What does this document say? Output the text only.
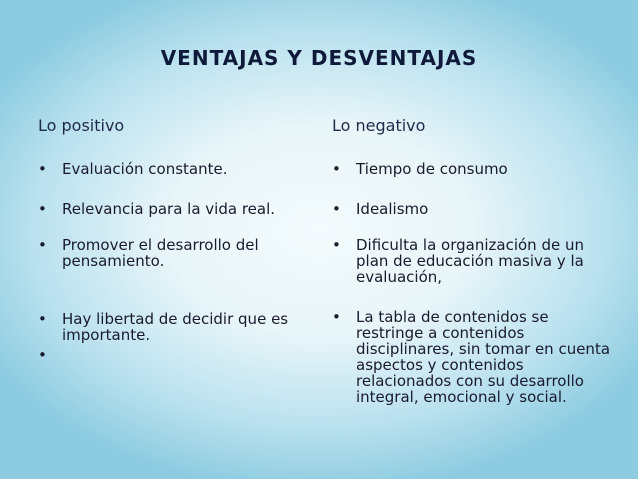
VENTAJAS Y DESVENTAJAS
Lo positivo
• Evaluación constante.
• Relevancia para la vida real.
• Promover el desarrollo del pensamiento.
• Hay libertad de decidir que es importante.
•
Lo negativo
• Tiempo de consumo
• Idealismo
• Dificulta la organización de un plan de educación masiva y la evaluación,
• La tabla de contenidos se restringe a contenidos disciplinares, sin tomar en cuenta aspectos y contenidos relacionados con su desarrollo integral, emocional y social.
